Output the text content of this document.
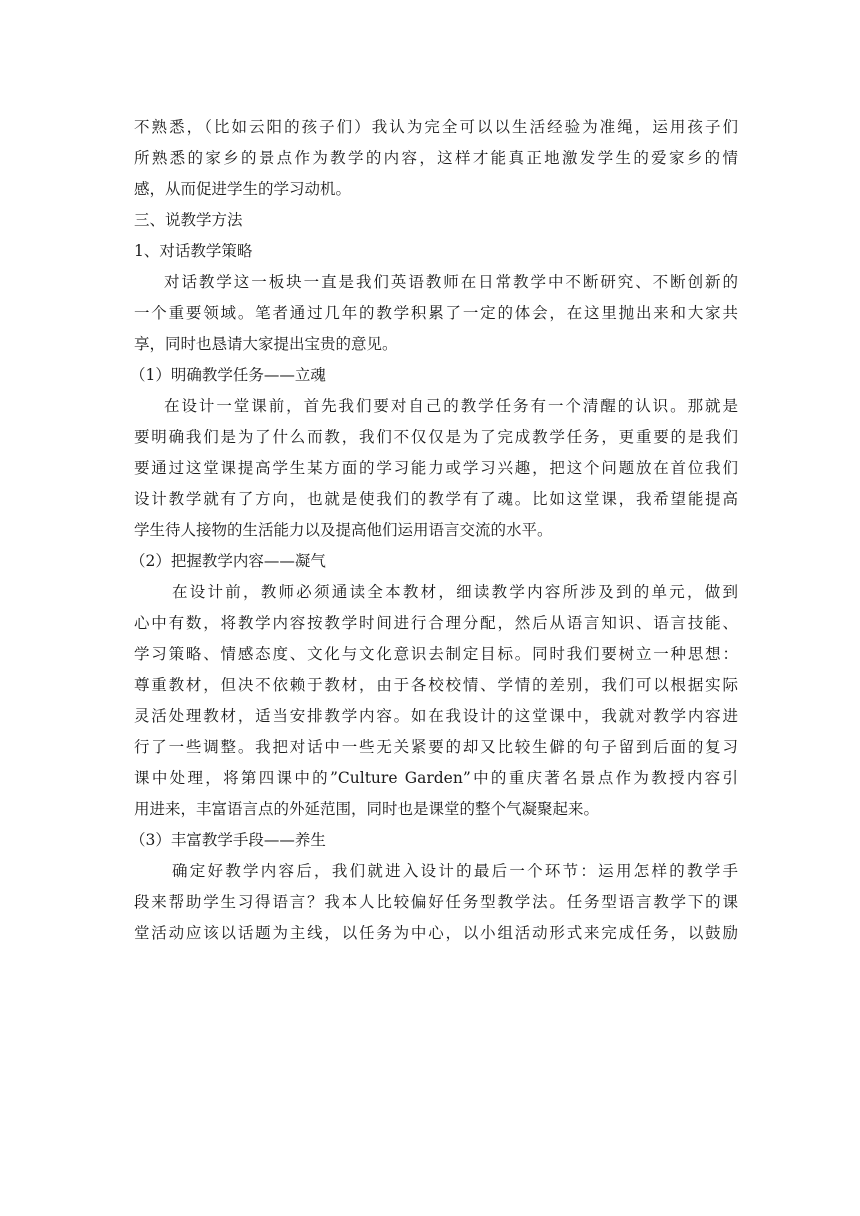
不熟悉，（比如云阳的孩子们）我认为完全可以以生活经验为准绳，运用孩子们
所熟悉的家乡的景点作为教学的内容，这样才能真正地激发学生的爱家乡的情
感，从而促进学生的学习动机。
三、说教学方法
1、对话教学策略
对话教学这一板块一直是我们英语教师在日常教学中不断研究、不断创新的
一个重要领域。笔者通过几年的教学积累了一定的体会，在这里抛出来和大家共
享，同时也恳请大家提出宝贵的意见。
（1）明确教学任务——立魂
在设计一堂课前，首先我们要对自己的教学任务有一个清醒的认识。那就是
要明确我们是为了什么而教，我们不仅仅是为了完成教学任务，更重要的是我们
要通过这堂课提高学生某方面的学习能力或学习兴趣，把这个问题放在首位我们
设计教学就有了方向，也就是使我们的教学有了魂。比如这堂课，我希望能提高
学生待人接物的生活能力以及提高他们运用语言交流的水平。
（2）把握教学内容——凝气
在设计前，教师必须通读全本教材，细读教学内容所涉及到的单元，做到
心中有数，将教学内容按教学时间进行合理分配，然后从语言知识、语言技能、
学习策略、情感态度、文化与文化意识去制定目标。同时我们要树立一种思想：
尊重教材，但决不依赖于教材，由于各校校情、学情的差别，我们可以根据实际
灵活处理教材，适当安排教学内容。如在我设计的这堂课中，我就对教学内容进
行了一些调整。我把对话中一些无关紧要的却又比较生僻的句子留到后面的复习
课中处理，将第四课中的”Culture Garden”中的重庆著名景点作为教授内容引
用进来，丰富语言点的外延范围，同时也是课堂的整个气凝聚起来。
（3）丰富教学手段——养生
确定好教学内容后，我们就进入设计的最后一个环节：运用怎样的教学手
段来帮助学生习得语言？我本人比较偏好任务型教学法。任务型语言教学下的课
堂活动应该以话题为主线，以任务为中心，以小组活动形式来完成任务，以鼓励
